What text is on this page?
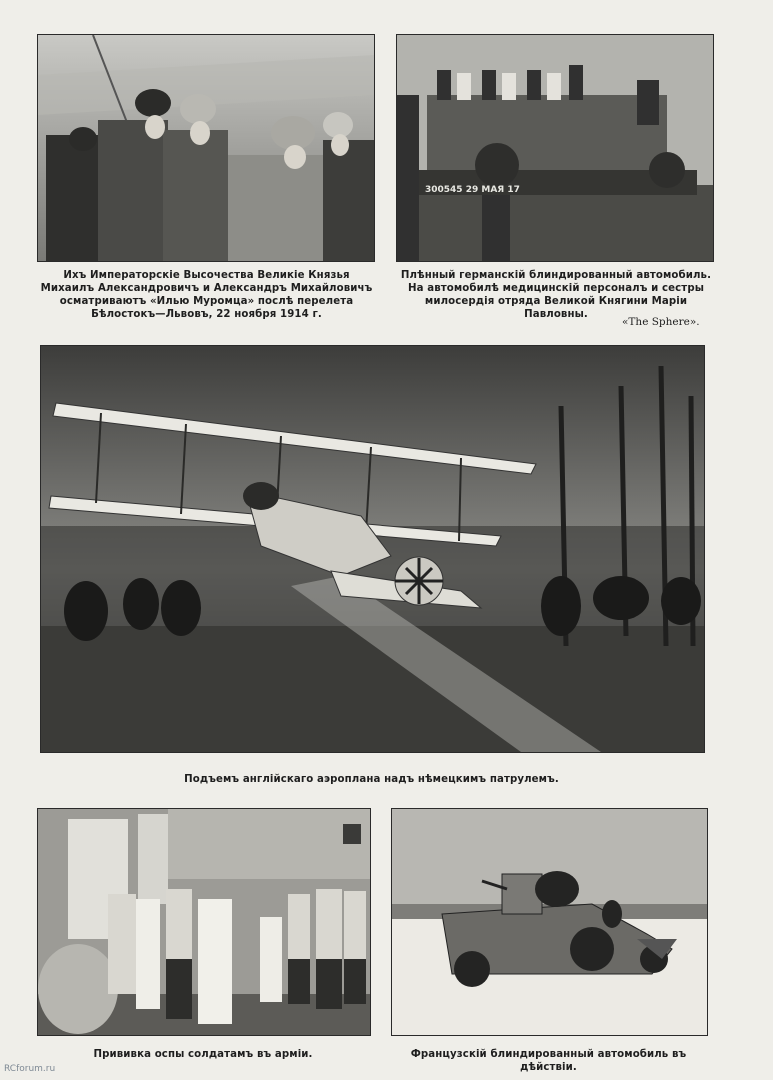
300545 29 МАЯ 17
Ихъ Императорскіе Высочества Великіе Князья Михаилъ Александровичъ и Александръ Михайловичъ осматриваютъ «Илью Муромца» послѣ перелета Бѣлостокъ—Львовъ, 22 ноября 1914 г.
Плѣнный германскій блиндированный автомобиль. На автомобилѣ медицинскій персоналъ и сестры милосердія отряда Великой Княгини Маріи Павловны.
«The Sphere».
Подъемъ англійскаго аэроплана надъ нѣмецкимъ патрулемъ.
Прививка оспы солдатамъ въ арміи.	Французскій блиндированный автомобиль въ дѣйствіи.
RCforum.ru
